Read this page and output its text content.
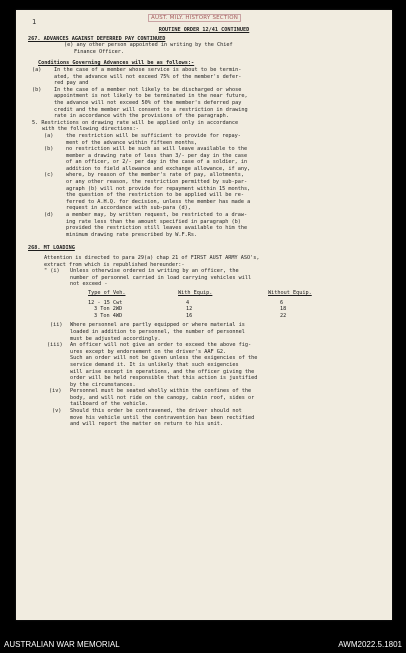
AUST. MILY. HISTORY SECTION
1
ROUTINE ORDER 12/41 CONTINUED
267. ADVANCES AGAINST DEFERRED PAY CONTINUED
(e) any other person appointed in writing by the Chief
Finance Officer.
Conditions Governing Advances will be as follows:-
(a)	In the case of a member whose service is about to be termin-
ated, the advance will not exceed 75% of the member's defer-
red pay and
(b)	In the case of a member not likely to be discharged or whose
appointment is not likely to be terminated in the near future,
the advance will not exceed 50% of the member's deferred pay
credit and the member will consent to a restriction in drawing
rate in accordance with the provisions of the paragraph.
5. Restrictions on drawing rate will be applied only in accordance
with the following directions:-
(a)	the restriction will be sufficient to provide for repay-
ment of the advance within fifteen months,
(b)	no restriction will be such as will leave available to the
member a drawing rate of less than 3/- per day in the case
of an officer, or 2/- per day in the case of a soldier, in
addition to field allowance and exchange allowance, if any,
(c)	where, by reason of the member's rate of pay, allotments,
or any other reason, the restriction permitted by sub-par-
agraph (b) will not provide for repayment within 15 months,
the question of the restriction to be applied will be re-
ferred to A.H.Q. for decision, unless the member has made a
request in accordance with sub-para (d),
(d)	a member may, by written request, be restricted to a draw-
ing rate less than the amount specified in paragraph (b)
provided the restriction still leaves available to him the
minimum drawing rate prescribed by W.F.Rs.
268. MT LOADING
Attention is directed to para 29(a) chap 21 of FIRST AUST ARMY ASO's,
extract from which is republished hereunder:-
" (i)	Unless otherwise ordered in writing by an officer, the
number of personnel carried in load carrying vehicles will
not exceed -
Type of Veh.	With Equip.	Without Equip.

12 - 15 Cwt	4	6
3 Ton 2WD	12	18
3 Ton 4WD	16	22
(ii)	Where personnel are partly equipped or where material is
loaded in addition to personnel, the number of personnel
must be adjusted accordingly.
(iii)	An officer will not give an order to exceed the above fig-
ures except by endorsement on the driver's AAF G2.
Such an order will not be given unless the exigencies of the
service demand it. It is unlikely that such exigencies
will arise except in operations, and the officer giving the
order will be held responsible that this action is justified
by the circumstances.
(iv)	Personnel must be seated wholly within the confines of the
body, and will not ride on the canopy, cabin roof, sides or
tailboard of the vehicle.
(v)	Should this order be contravened, the driver should not
move his vehicle until the contravention has been rectified
and will report the matter on return to his unit.
AUSTRALIAN WAR MEMORIAL	AWM2022.5.1801
